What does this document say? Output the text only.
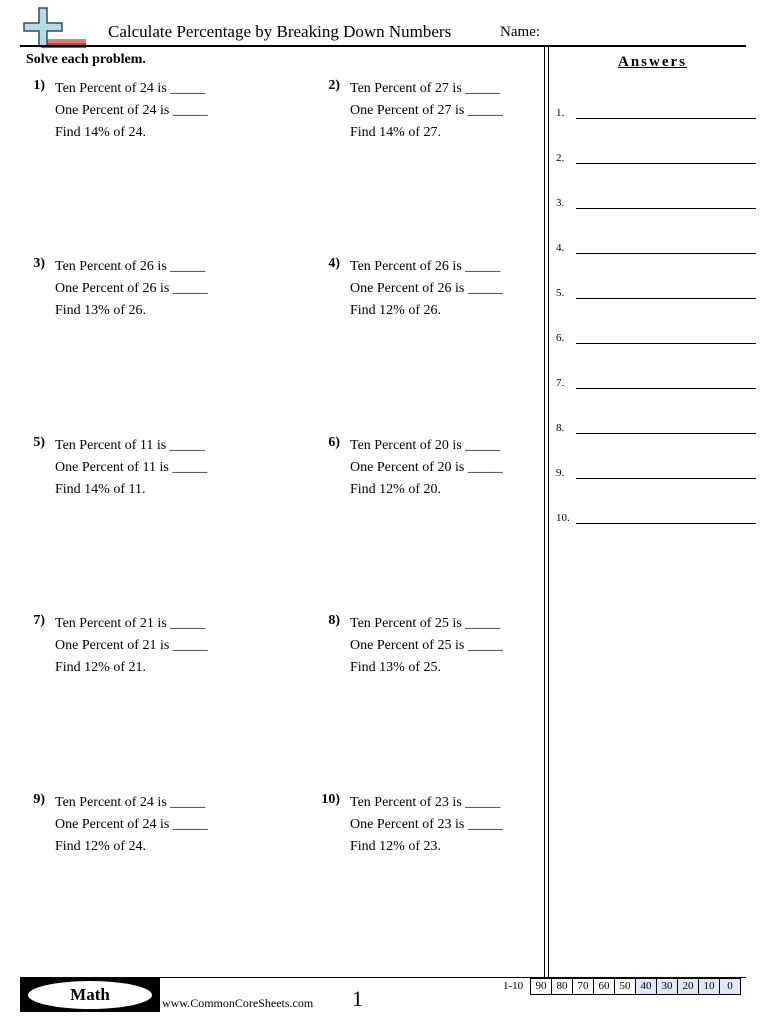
Calculate Percentage by Breaking Down Numbers	Name:
Solve each problem.
1) Ten Percent of 24 is _____
One Percent of 24 is _____
Find 14% of 24.
2) Ten Percent of 27 is _____
One Percent of 27 is _____
Find 14% of 27.
3) Ten Percent of 26 is _____
One Percent of 26 is _____
Find 13% of 26.
4) Ten Percent of 26 is _____
One Percent of 26 is _____
Find 12% of 26.
5) Ten Percent of 11 is _____
One Percent of 11 is _____
Find 14% of 11.
6) Ten Percent of 20 is _____
One Percent of 20 is _____
Find 12% of 20.
7) Ten Percent of 21 is _____
One Percent of 21 is _____
Find 12% of 21.
8) Ten Percent of 25 is _____
One Percent of 25 is _____
Find 13% of 25.
9) Ten Percent of 24 is _____
One Percent of 24 is _____
Find 12% of 24.
10) Ten Percent of 23 is _____
One Percent of 23 is _____
Find 12% of 23.
Answers
1.
2.
3.
4.
5.
6.
7.
8.
9.
10.
Math	www.CommonCoreSheets.com 1	1-10	90 80 70 60 50 40 30 20 10	0
